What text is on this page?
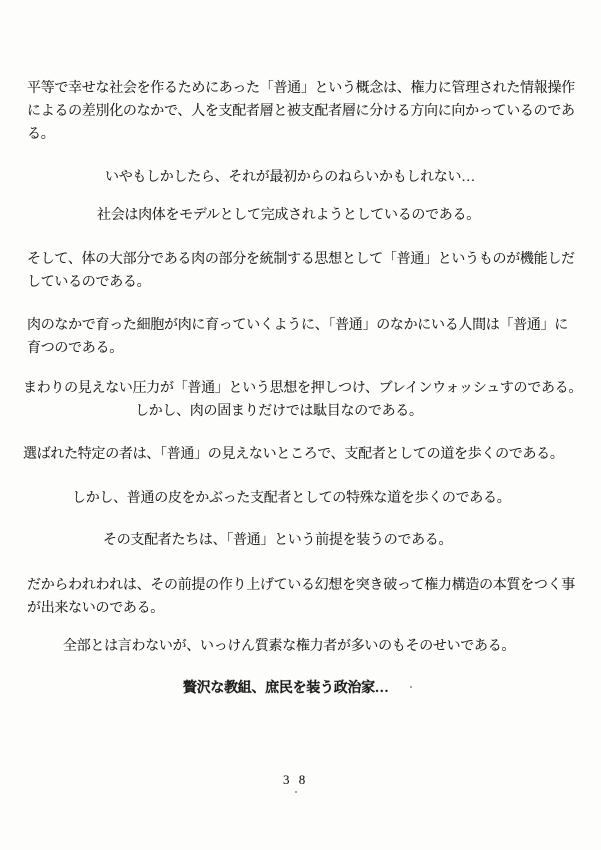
平等で幸せな社会を作るためにあった「普通」という概念は、権力に管理された情報操作
によるの差別化のなかで、人を支配者層と被支配者層に分ける方向に向かっているのであ
る。
いやもしかしたら、それが最初からのねらいかもしれない…
社会は肉体をモデルとして完成されようとしているのである。
そして、体の大部分である肉の部分を統制する思想として「普通」というものが機能しだ
しているのである。
肉のなかで育った細胞が肉に育っていくように、「普通」のなかにいる人間は「普通」に
育つのである。
まわりの見えない圧力が「普通」という思想を押しつけ、ブレインウォッシュすのである。
しかし、肉の固まりだけでは駄目なのである。
選ばれた特定の者は、「普通」の見えないところで、支配者としての道を歩くのである。
しかし、普通の皮をかぶった支配者としての特殊な道を歩くのである。
その支配者たちは、「普通」という前提を装うのである。
だからわれわれは、その前提の作り上げている幻想を突き破って権力構造の本質をつく事
が出来ないのである。
全部とは言わないが、いっけん質素な権力者が多いのもそのせいである。
贅沢な教組、庶民を装う政治家…
3 8
